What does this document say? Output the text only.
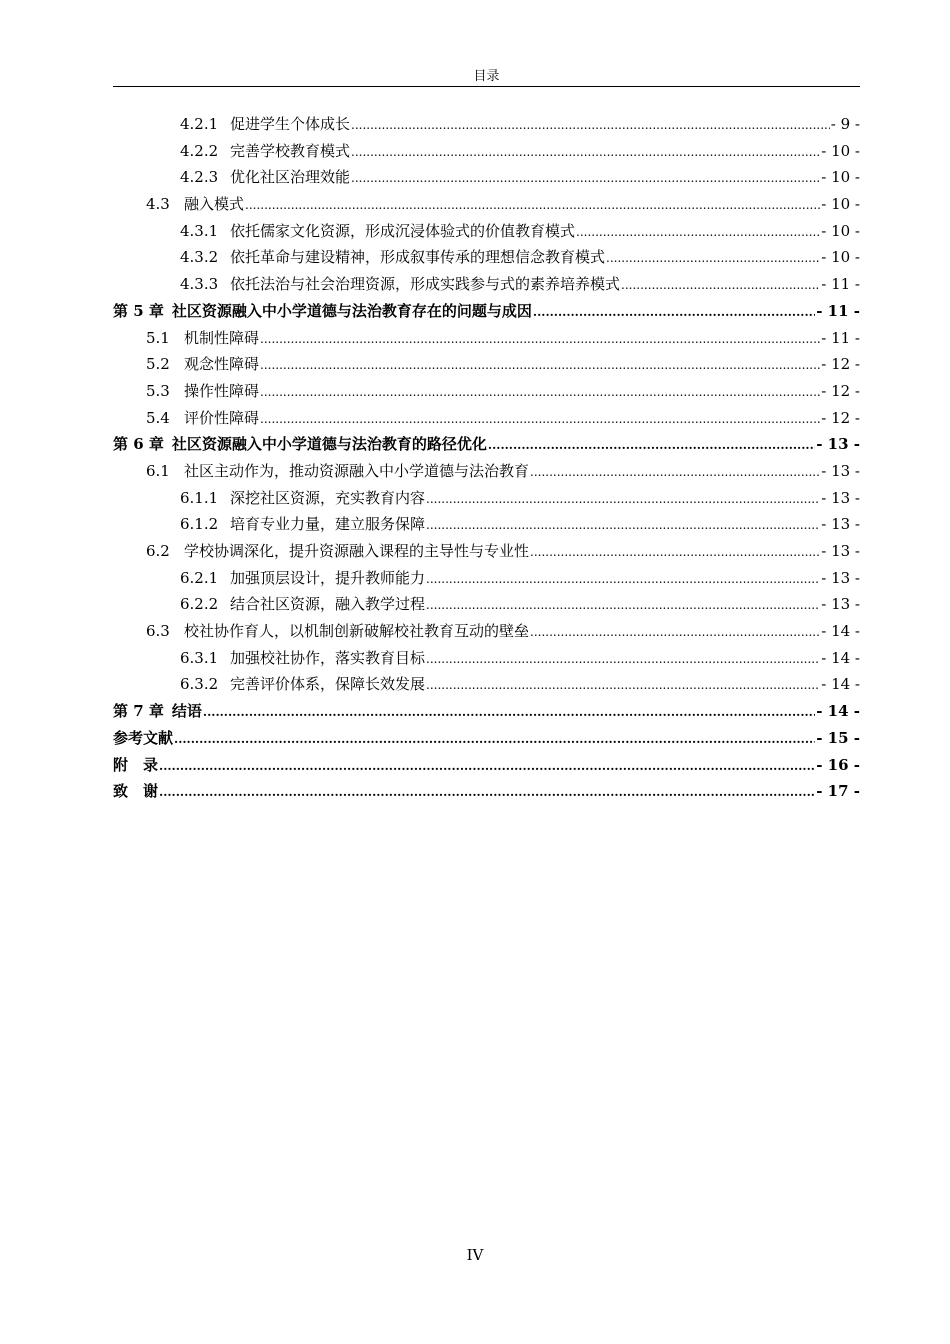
目录
4.2.1 促进学生个体成长 .....	- 9 -
4.2.2 完善学校教育模式 .....	- 10 -
4.2.3 优化社区治理效能 .....	- 10 -
4.3 融入模式 .....	- 10 -
4.3.1 依托儒家文化资源，形成沉浸体验式的价值教育模式 .....	- 10 -
4.3.2 依托革命与建设精神，形成叙事传承的理想信念教育模式 .....	- 10 -
4.3.3 依托法治与社会治理资源，形成实践参与式的素养培养模式 .....	- 11 -
第 5 章 社区资源融入中小学道德与法治教育存在的问题与成因 .....	- 11 -
5.1 机制性障碍 .....	- 11 -
5.2 观念性障碍 .....	- 12 -
5.3 操作性障碍 .....	- 12 -
5.4 评价性障碍 .....	- 12 -
第 6 章 社区资源融入中小学道德与法治教育的路径优化 .....	- 13 -
6.1 社区主动作为，推动资源融入中小学道德与法治教育 .....	- 13 -
6.1.1 深挖社区资源，充实教育内容 .....	- 13 -
6.1.2 培育专业力量，建立服务保障 .....	- 13 -
6.2 学校协调深化，提升资源融入课程的主导性与专业性 .....	- 13 -
6.2.1 加强顶层设计，提升教师能力 .....	- 13 -
6.2.2 结合社区资源，融入教学过程 .....	- 13 -
6.3 校社协作育人，以机制创新破解校社教育互动的壁垒 .....	- 14 -
6.3.1 加强校社协作，落实教育目标 .....	- 14 -
6.3.2 完善评价体系，保障长效发展 .....	- 14 -
第 7 章 结语 .....	- 14 -
参考文献 .....	- 15 -
附　录 .....	- 16 -
致　谢 .....	- 17 -
IV
